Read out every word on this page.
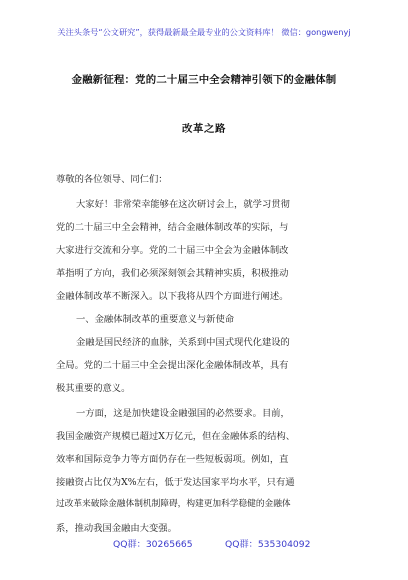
关注头条号“公文研究”，获得最新最全最专业的公文资料库！ 微信：gongwenyj
金融新征程：党的二十届三中全会精神引领下的金融体制
改革之路
尊敬的各位领导、同仁们：
大家好！非常荣幸能够在这次研讨会上，就学习贯彻
党的二十届三中全会精神，结合金融体制改革的实际，与
大家进行交流和分享。党的二十届三中全会为金融体制改
革指明了方向，我们必须深刻领会其精神实质，积极推动
金融体制改革不断深入。以下我将从四个方面进行阐述。
一、金融体制改革的重要意义与新使命
金融是国民经济的血脉，关系到中国式现代化建设的
全局。党的二十届三中全会提出深化金融体制改革，具有
极其重要的意义。
一方面，这是加快建设金融强国的必然要求。目前，
我国金融资产规模已超过X万亿元，但在金融体系的结构、
效率和国际竞争力等方面仍存在一些短板弱项。例如，直
接融资占比仅为X%左右，低于发达国家平均水平，只有通
过改革来破除金融体制机制障碍，构建更加科学稳健的金融体
系，推动我国金融由大变强。
QQ群：30265665	QQ群：535304092
